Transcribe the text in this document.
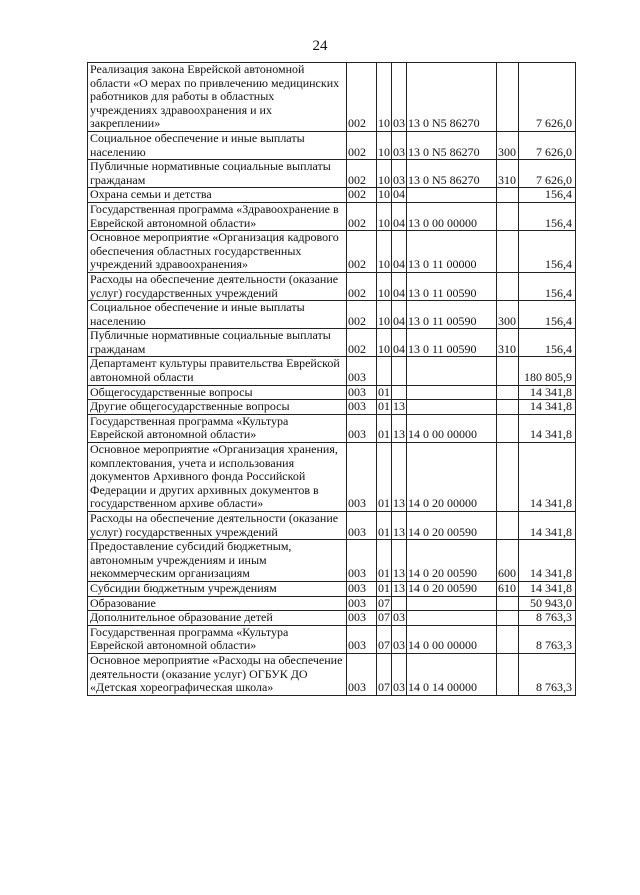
24
Реализация закона Еврейской автономной области «О мерах по привлечению медицинских работников для работы в областных учреждениях здравоохранения и их закреплении»	002	10	03	13 0 N5 86270		7 626,0
Социальное обеспечение и иные выплаты населению	002	10	03	13 0 N5 86270	300	7 626,0
Публичные нормативные социальные выплаты гражданам	002	10	03	13 0 N5 86270	310	7 626,0
Охрана семьи и детства	002	10	04			156,4
Государственная программа «Здравоохранение в Еврейской автономной области»	002	10	04	13 0 00 00000		156,4
Основное мероприятие «Организация кадрового обеспечения областных государственных учреждений здравоохранения»	002	10	04	13 0 11 00000		156,4
Расходы на обеспечение деятельности (оказание услуг) государственных учреждений	002	10	04	13 0 11 00590		156,4
Социальное обеспечение и иные выплаты населению	002	10	04	13 0 11 00590	300	156,4
Публичные нормативные социальные выплаты гражданам	002	10	04	13 0 11 00590	310	156,4
Департамент культуры правительства Еврейской автономной области	003					180 805,9
Общегосударственные вопросы	003	01				14 341,8
Другие общегосударственные вопросы	003	01	13			14 341,8
Государственная программа «Культура Еврейской автономной области»	003	01	13	14 0 00 00000		14 341,8
Основное мероприятие «Организация хранения, комплектования, учета и использования документов Архивного фонда Российской Федерации и других архивных документов в государственном архиве области»	003	01	13	14 0 20 00000		14 341,8
Расходы на обеспечение деятельности (оказание услуг) государственных учреждений	003	01	13	14 0 20 00590		14 341,8
Предоставление субсидий бюджетным, автономным учреждениям и иным некоммерческим организациям	003	01	13	14 0 20 00590	600	14 341,8
Субсидии бюджетным учреждениям	003	01	13	14 0 20 00590	610	14 341,8
Образование	003	07				50 943,0
Дополнительное образование детей	003	07	03			8 763,3
Государственная программа «Культура Еврейской автономной области»	003	07	03	14 0 00 00000		8 763,3
Основное мероприятие «Расходы на обеспечение деятельности (оказание услуг) ОГБУК ДО «Детская хореографическая школа»	003	07	03	14 0 14 00000		8 763,3
